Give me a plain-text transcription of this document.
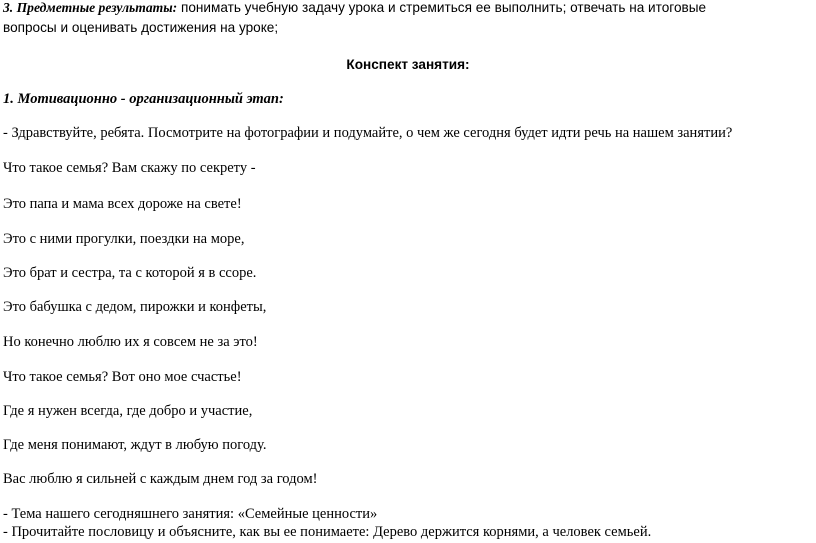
3. Предметные результаты: понимать учебную задачу урока и стремиться ее выполнить; отвечать на итоговые
вопросы и оценивать достижения на уроке;
Конспект занятия:
1. Мотивационно - организационный этап:
- Здравствуйте, ребята. Посмотрите на фотографии и подумайте, о чем же сегодня будет идти речь на нашем занятии?
Что такое семья? Вам скажу по секрету -
Это папа и мама всех дороже на свете!
Это с ними прогулки, поездки на море,
Это брат и сестра, та с которой я в ссоре.
Это бабушка с дедом, пирожки и конфеты,
Но конечно люблю их я совсем не за это!
Что такое семья? Вот оно мое счастье!
Где я нужен всегда, где добро и участие,
Где меня понимают, ждут в любую погоду.
Вас люблю я сильней с каждым днем год за годом!
- Тема нашего сегодняшнего занятия: «Семейные ценности»
- Прочитайте пословицу и объясните, как вы ее понимаете: Дерево держится корнями, а человек семьей.
